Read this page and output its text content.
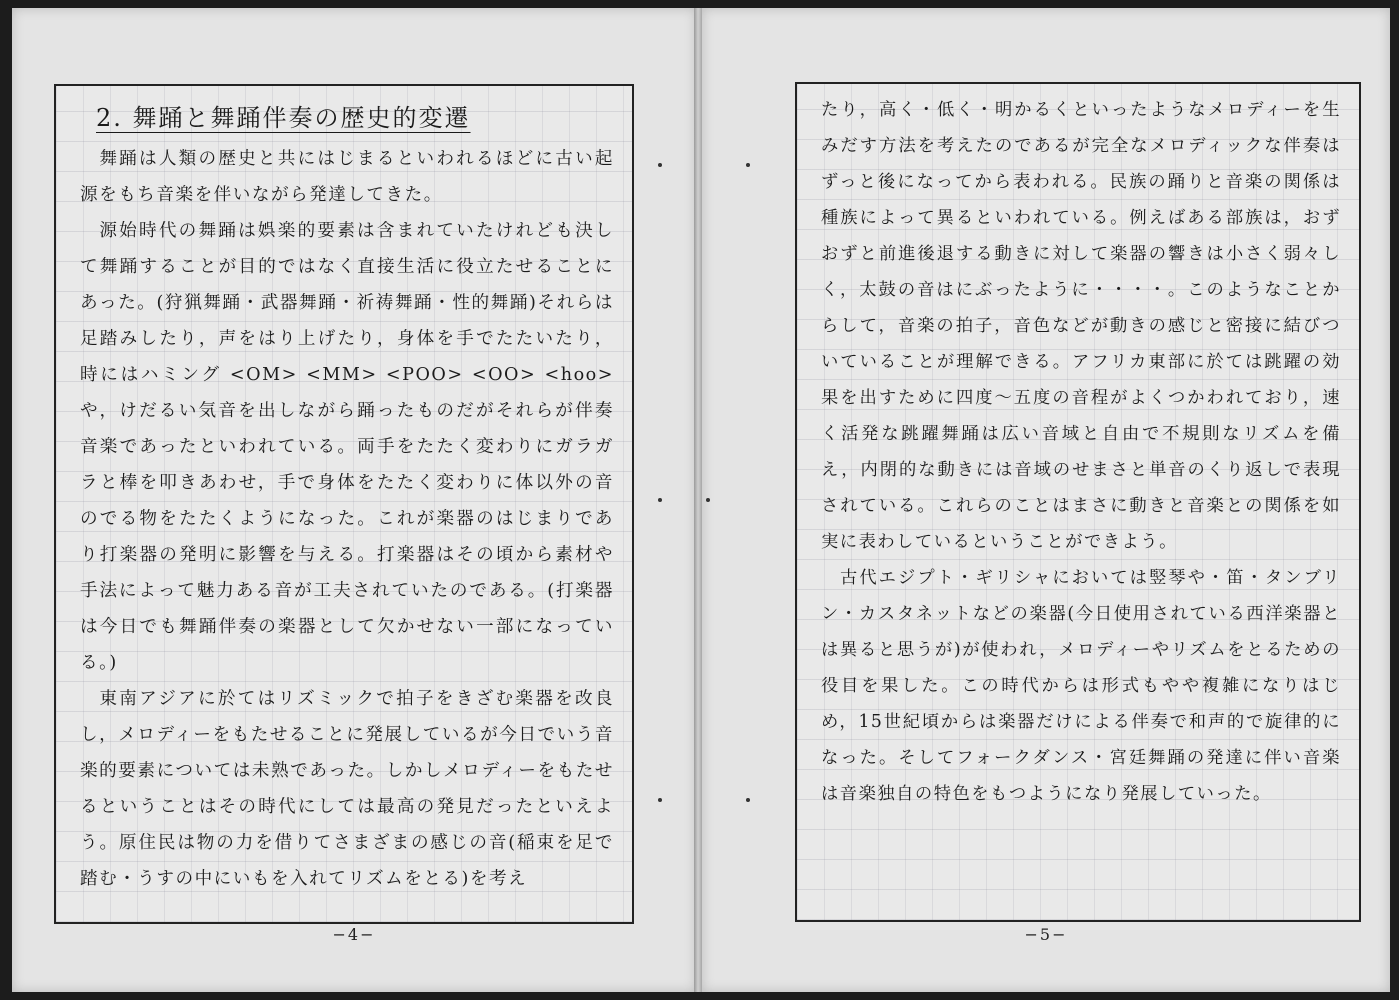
2. 舞踊と舞踊伴奏の歴史的変遷

舞踊は人類の歴史と共にはじまるといわれるほどに古い起源をもち音楽を伴いながら発達してきた。

源始時代の舞踊は娯楽的要素は含まれていたけれども決して舞踊することが目的ではなく直接生活に役立たせることにあった。(狩猟舞踊・武器舞踊・祈祷舞踊・性的舞踊)それらは足踏みしたり，声をはり上げたり，身体を手でたたいたり，時にはハミング <OM> <MM> <POO> <OO> <hoo> や，けだるい気音を出しながら踊ったものだがそれらが伴奏音楽であったといわれている。両手をたたく変わりにガラガラと棒を叩きあわせ，手で身体をたたく変わりに体以外の音のでる物をたたくようになった。これが楽器のはじまりであり打楽器の発明に影響を与える。打楽器はその頃から素材や手法によって魅力ある音が工夫されていたのである。(打楽器は今日でも舞踊伴奏の楽器として欠かせない一部になっている。)

東南アジアに於てはリズミックで拍子をきざむ楽器を改良し，メロディーをもたせることに発展しているが今日でいう音楽的要素については未熟であった。しかしメロディーをもたせるということはその時代にしては最高の発見だったといえよう。原住民は物の力を借りてさまざまの感じの音(稲束を足で踏む・うすの中にいもを入れてリズムをとる)を考え

−4−

たり，高く・低く・明かるくといったようなメロディーを生みだす方法を考えたのであるが完全なメロディックな伴奏はずっと後になってから表われる。民族の踊りと音楽の関係は種族によって異るといわれている。例えばある部族は，おずおずと前進後退する動きに対して楽器の響きは小さく弱々しく，太鼓の音はにぶったように・・・・。このようなことからして，音楽の拍子，音色などが動きの感じと密接に結びついていることが理解できる。アフリカ東部に於ては跳躍の効果を出すために四度〜五度の音程がよくつかわれており，速く活発な跳躍舞踊は広い音域と自由で不規則なリズムを備え，内閉的な動きには音域のせまさと単音のくり返しで表現されている。これらのことはまさに動きと音楽との関係を如実に表わしているということができよう。

古代エジプト・ギリシャにおいては竪琴や・笛・タンブリン・カスタネットなどの楽器(今日使用されている西洋楽器とは異ると思うが)が使われ，メロディーやリズムをとるための役目を果した。この時代からは形式もやや複雑になりはじめ，15世紀頃からは楽器だけによる伴奏で和声的で旋律的になった。そしてフォークダンス・宮廷舞踊の発達に伴い音楽は音楽独自の特色をもつようになり発展していった。

−5−
